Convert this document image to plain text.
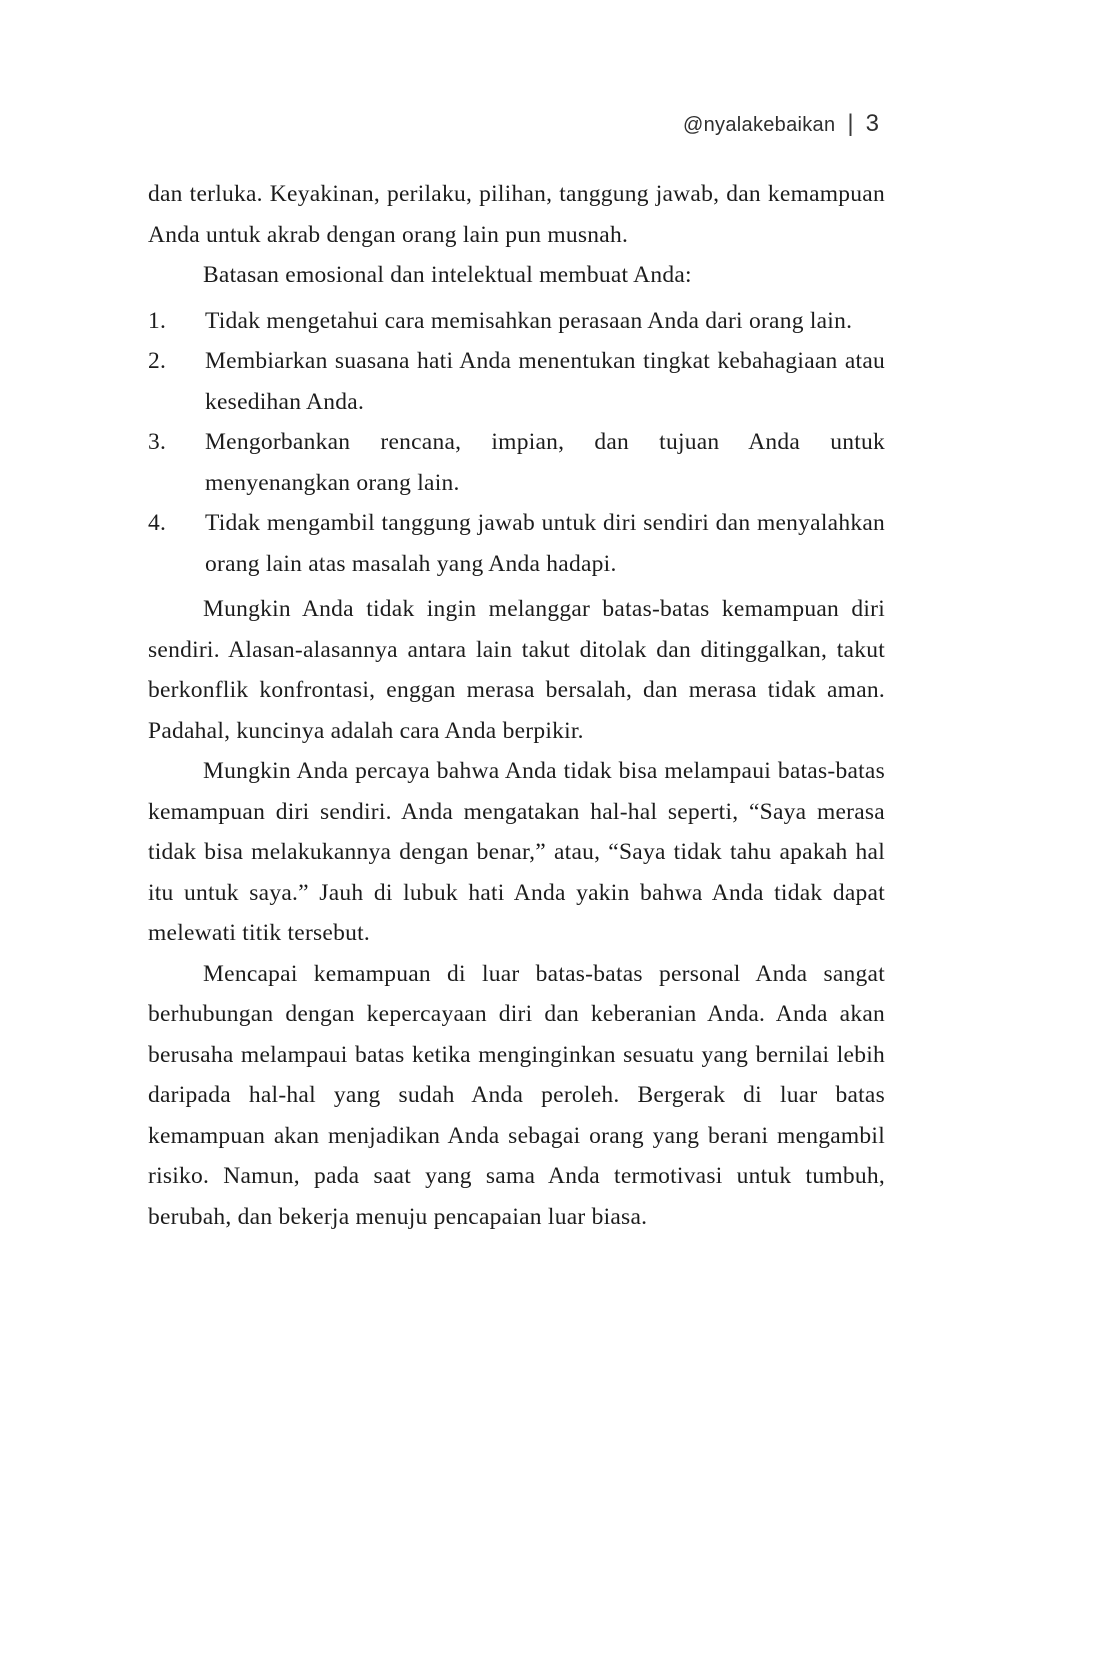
@nyalakebaikan | 3

dan terluka. Keyakinan, perilaku, pilihan, tanggung jawab, dan kemampuan Anda untuk akrab dengan orang lain pun musnah.

Batasan emosional dan intelektual membuat Anda:

1.	Tidak mengetahui cara memisahkan perasaan Anda dari orang lain.
2.	Membiarkan suasana hati Anda menentukan tingkat kebahagiaan atau kesedihan Anda.
3.	Mengorbankan rencana, impian, dan tujuan Anda untuk menyenangkan orang lain.
4.	Tidak mengambil tanggung jawab untuk diri sendiri dan menyalahkan orang lain atas masalah yang Anda hadapi.

Mungkin Anda tidak ingin melanggar batas-batas kemampuan diri sendiri. Alasan-alasannya antara lain takut ditolak dan ditinggalkan, takut berkonflik konfrontasi, enggan merasa bersalah, dan merasa tidak aman. Padahal, kuncinya adalah cara Anda berpikir.

Mungkin Anda percaya bahwa Anda tidak bisa melampaui batas-batas kemampuan diri sendiri. Anda mengatakan hal-hal seperti, “Saya merasa tidak bisa melakukannya dengan benar,” atau, “Saya tidak tahu apakah hal itu untuk saya.” Jauh di lubuk hati Anda yakin bahwa Anda tidak dapat melewati titik tersebut.

Mencapai kemampuan di luar batas-batas personal Anda sangat berhubungan dengan kepercayaan diri dan keberanian Anda. Anda akan berusaha melampaui batas ketika menginginkan sesuatu yang bernilai lebih daripada hal-hal yang sudah Anda peroleh. Bergerak di luar batas kemampuan akan menjadikan Anda sebagai orang yang berani mengambil risiko. Namun, pada saat yang sama Anda termotivasi untuk tumbuh, berubah, dan bekerja menuju pencapaian luar biasa.
